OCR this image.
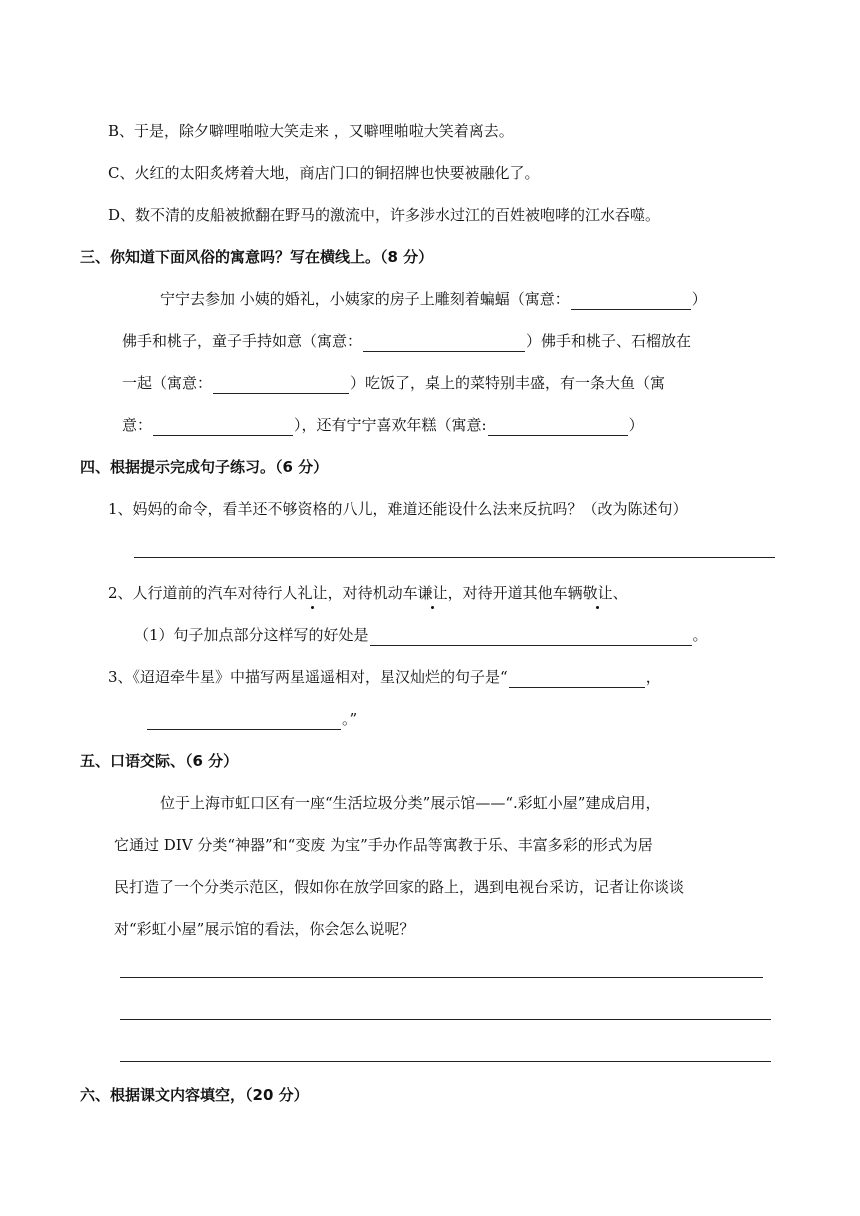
B、于是，除夕噼哩啪啦大笑走来 ，又噼哩啪啦大笑着离去。
C、火红的太阳炙烤着大地，商店门口的铜招牌也快要被融化了。
D、数不清的皮船被掀翻在野马的激流中，许多涉水过江的百姓被咆哮的江水吞噬。
三、你知道下面风俗的寓意吗？写在横线上。（8 分）
宁宁去参加 小姨的婚礼，小姨家的房子上雕刻着蝙蝠（寓意：	）
佛手和桃子，童子手持如意（寓意：	）佛手和桃子、石榴放在
一起（寓意：	）吃饭了，桌上的菜特别丰盛，有一条大鱼（寓
意：	），还有宁宁喜欢年糕（寓意:	）
四、根据提示完成句子练习。（6 分）
1、妈妈的命令，看羊还不够资格的八儿，难道还能设什么法来反抗吗？（改为陈述句）
2、人行道前的汽车对待行人礼让，对待机动车谦让，对待开道其他车辆敬让、
（1）句子加点部分这样写的好处是	。
3、《迢迢牵牛星》中描写两星遥遥相对，星汉灿烂的句子是“	，
。”
五、口语交际、（6 分）
位于上海市虹口区有一座“生活垃圾分类”展示馆——“.彩虹小屋”建成启用，
它通过 DIV 分类“神器”和“变废 为宝”手办作品等寓教于乐、丰富多彩的形式为居
民打造了一个分类示范区，假如你在放学回家的路上，遇到电视台采访，记者让你谈谈
对“彩虹小屋”展示馆的看法，你会怎么说呢？
六、根据课文内容填空，（20 分）
